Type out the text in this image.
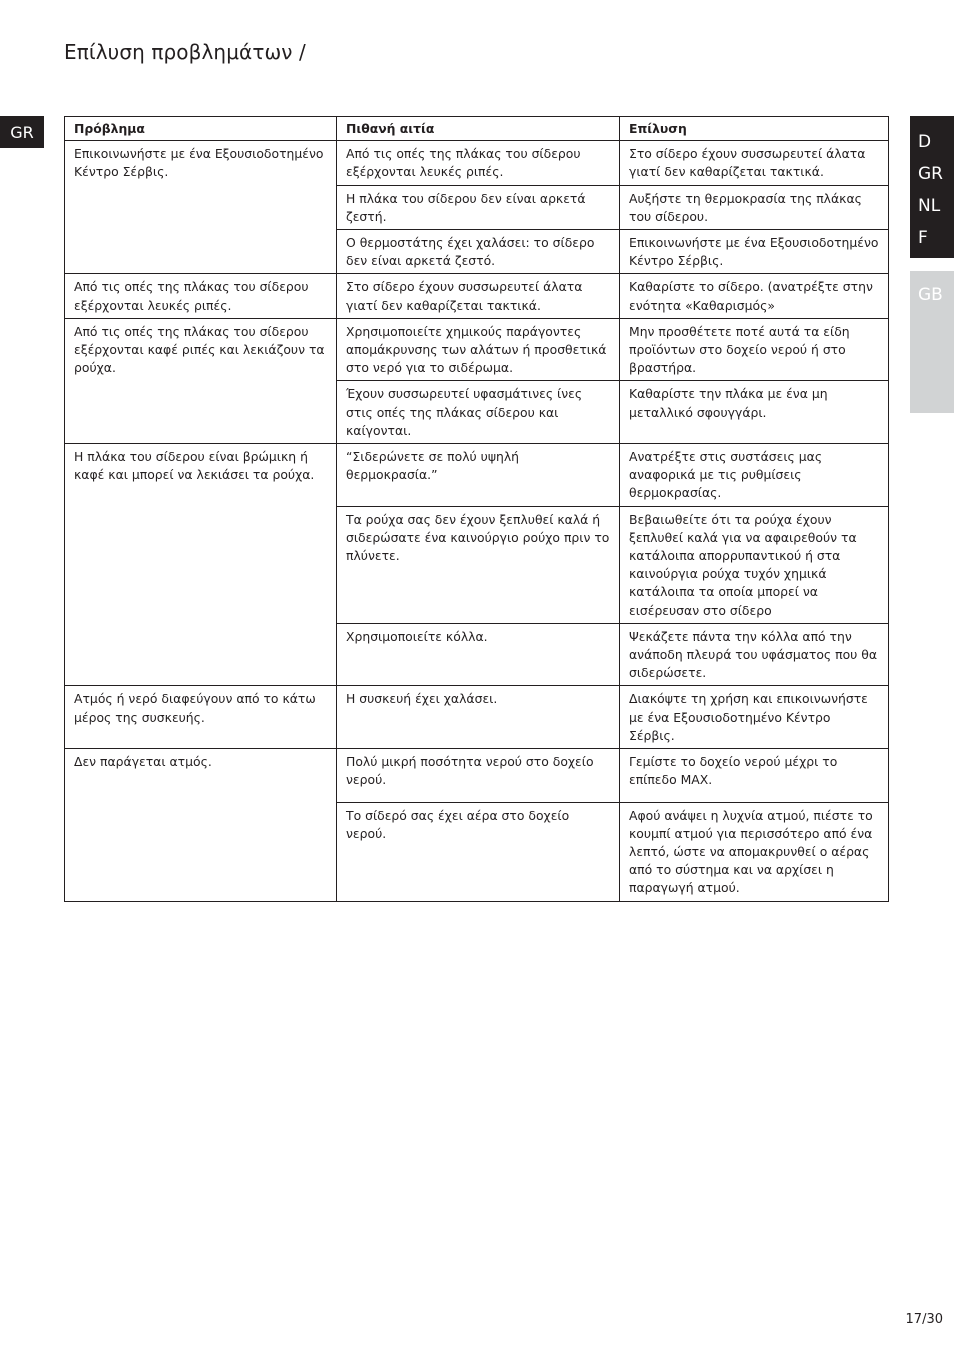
Επίλυση προβλημάτων /
GR	D
GR
NL
F
GB
Πρόβλημα	Πιθανή αιτία	Επίλυση
Επικοινωνήστε με ένα Εξουσιοδοτημένο Κέντρο Σέρβις.	Από τις οπές της πλάκας του σίδερου εξέρχονται λευκές ριπές.	Στο σίδερο έχουν συσσωρευτεί άλατα γιατί δεν καθαρίζεται τακτικά.
	Η πλάκα του σίδερου δεν είναι αρκετά ζεστή.	Αυξήστε τη θερμοκρασία της πλάκας του σίδερου.
	Ο θερμοστάτης έχει χαλάσει: το σίδερο δεν είναι αρκετά ζεστό.	Επικοινωνήστε με ένα Εξουσιοδοτημένο Κέντρο Σέρβις.
Από τις οπές της πλάκας του σίδερου εξέρχονται λευκές ριπές.	Στο σίδερο έχουν συσσωρευτεί άλατα γιατί δεν καθαρίζεται τακτικά.	Καθαρίστε το σίδερο. (ανατρέξτε στην ενότητα «Καθαρισμός»
Από τις οπές της πλάκας του σίδερου εξέρχονται καφέ ριπές και λεκιάζουν τα ρούχα.	Χρησιμοποιείτε χημικούς παράγοντες απομάκρυνσης των αλάτων ή προσθετικά στο νερό για το σιδέρωμα.	Μην προσθέτετε ποτέ αυτά τα είδη προϊόντων στο δοχείο νερού ή στο βραστήρα.
	Έχουν συσσωρευτεί υφασμάτινες ίνες στις οπές της πλάκας σίδερου και καίγονται.	Καθαρίστε την πλάκα με ένα μη μεταλλικό σφουγγάρι.
Η πλάκα του σίδερου είναι βρώμικη ή καφέ και μπορεί να λεκιάσει τα ρούχα.	“Σιδερώνετε σε πολύ υψηλή θερμοκρασία.”	Ανατρέξτε στις συστάσεις μας αναφορικά με τις ρυθμίσεις θερμοκρασίας.
	Τα ρούχα σας δεν έχουν ξεπλυθεί καλά ή σιδερώσατε ένα καινούργιο ρούχο πριν το πλύνετε.	Βεβαιωθείτε ότι τα ρούχα έχουν ξεπλυθεί καλά για να αφαιρεθούν τα κατάλοιπα απορρυπαντικού ή στα καινούργια ρούχα τυχόν χημικά κατάλοιπα τα οποία μπορεί να εισέρευσαν στο σίδερο
	Χρησιμοποιείτε κόλλα.	Ψεκάζετε πάντα την κόλλα από την ανάποδη πλευρά του υφάσματος που θα σιδερώσετε.
Ατμός ή νερό διαφεύγουν από το κάτω μέρος της συσκευής.	Η συσκευή έχει χαλάσει.	Διακόψτε τη χρήση και επικοινωνήστε με ένα Εξουσιοδοτημένο Κέντρο Σέρβις.
Δεν παράγεται ατμός.	Πολύ μικρή ποσότητα νερού στο δοχείο νερού.	Γεμίστε το δοχείο νερού μέχρι το επίπεδο MAX.
	Το σίδερό σας έχει αέρα στο δοχείο νερού.	Αφού ανάψει η λυχνία ατμού, πιέστε το κουμπί ατμού για περισσότερο από ένα λεπτό, ώστε να απομακρυνθεί ο αέρας από το σύστημα και να αρχίσει η παραγωγή ατμού.
17/30
